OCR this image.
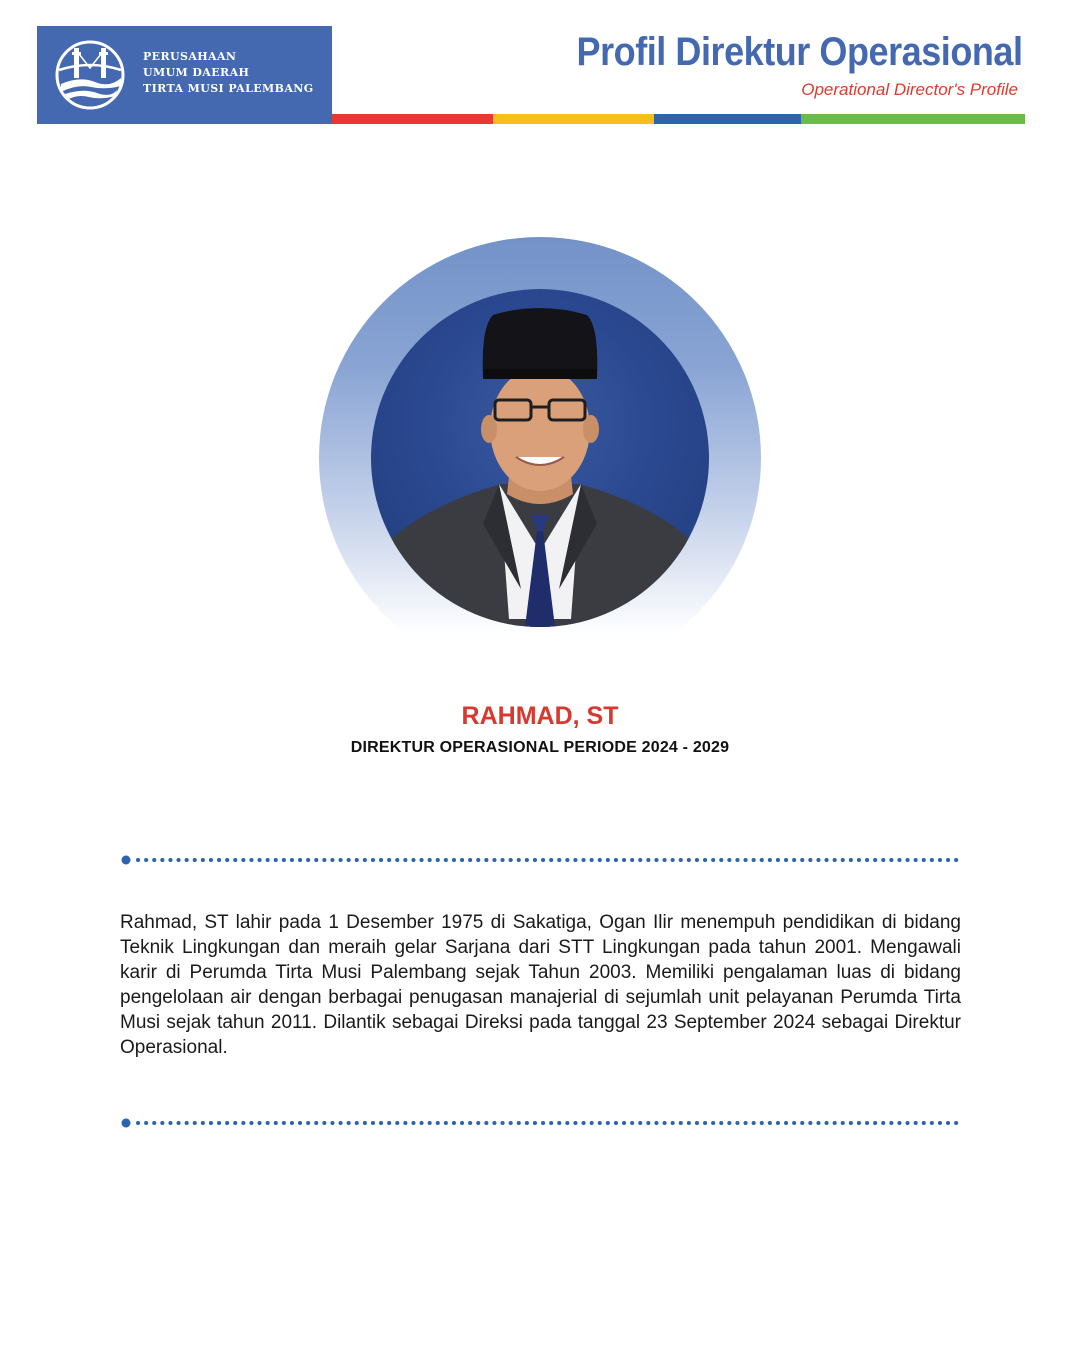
PERUSAHAAN
UMUM DAERAH
TIRTA MUSI PALEMBANG
Profil Direktur Operasional
Operational Director's Profile
RAHMAD, ST
DIREKTUR OPERASIONAL PERIODE 2024 - 2029
Rahmad, ST lahir pada 1 Desember 1975 di Sakatiga, Ogan Ilir menempuh pendidikan di bidang Teknik Lingkungan dan meraih gelar Sarjana dari STT Lingkungan pada tahun 2001. Mengawali karir di Perumda Tirta Musi Palembang sejak Tahun 2003. Memiliki pengalaman luas di bidang pengelolaan air dengan berbagai penugasan manajerial di sejumlah unit pelayanan Perumda Tirta Musi sejak tahun 2011. Dilantik sebagai Direksi pada tanggal 23 September 2024 sebagai Direktur Operasional.
